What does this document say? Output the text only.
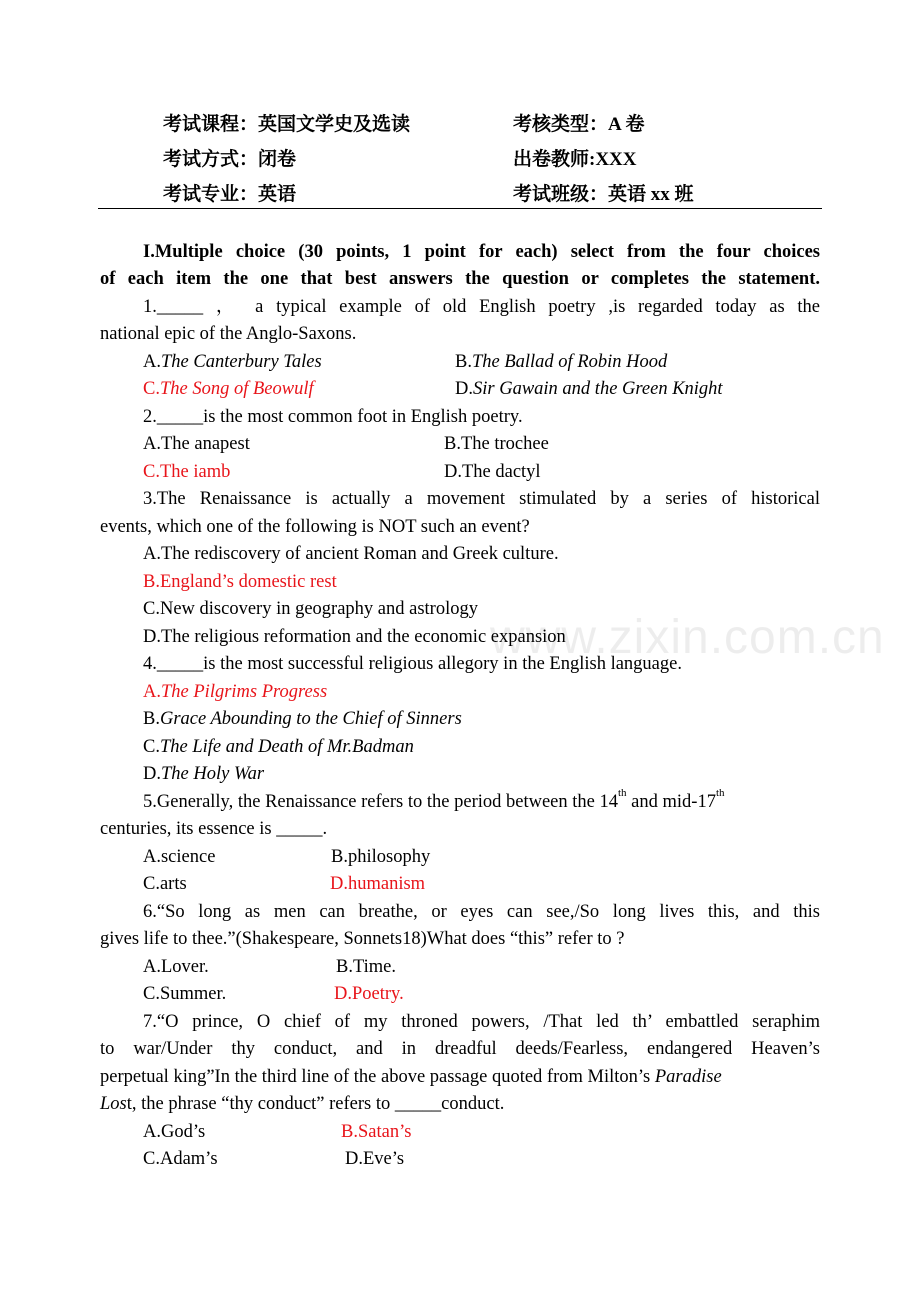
考试课程：英国文学史及选读	考核类型：A 卷
考试方式：闭卷	出卷教师:XXX
考试专业：英语	考试班级：英语 xx 班
www.zixin.com.cn
I.Multiple choice (30 points, 1 point for each) select from the four choices
of each item the one that best answers the question or completes the statement.
1._____ ， a typical example of old English poetry ,is regarded today as the
national epic of the Anglo-Saxons.
A.The Canterbury Tales	B.The Ballad of Robin Hood
C.The Song of Beowulf	D.Sir Gawain and the Green Knight
2._____is the most common foot in English poetry.
A.The anapest	B.The trochee
C.The iamb	D.The dactyl
3.The Renaissance is actually a movement stimulated by a series of historical
events, which one of the following is NOT such an event?
A.The rediscovery of ancient Roman and Greek culture.
B.England’s domestic rest
C.New discovery in geography and astrology
D.The religious reformation and the economic expansion
4._____is the most successful religious allegory in the English language.
A.The Pilgrims Progress
B.Grace Abounding to the Chief of Sinners
C.The Life and Death of Mr.Badman
D.The Holy War
5.Generally, the Renaissance refers to the period between the 14th and mid-17th
centuries, its essence is _____.
A.science	B.philosophy
C.arts	D.humanism
6.“So long as men can breathe, or eyes can see,/So long lives this, and this
gives life to thee.”(Shakespeare, Sonnets18)What does “this” refer to ?
A.Lover.	B.Time.
C.Summer.	D.Poetry.
7.“O prince, O chief of my throned powers, /That led th’ embattled seraphim
to war/Under thy conduct, and in dreadful deeds/Fearless, endangered Heaven’s
perpetual king”In the third line of the above passage quoted from Milton’s Paradise
Lost, the phrase “thy conduct” refers to _____conduct.
A.God’s	B.Satan’s
C.Adam’s	D.Eve’s
